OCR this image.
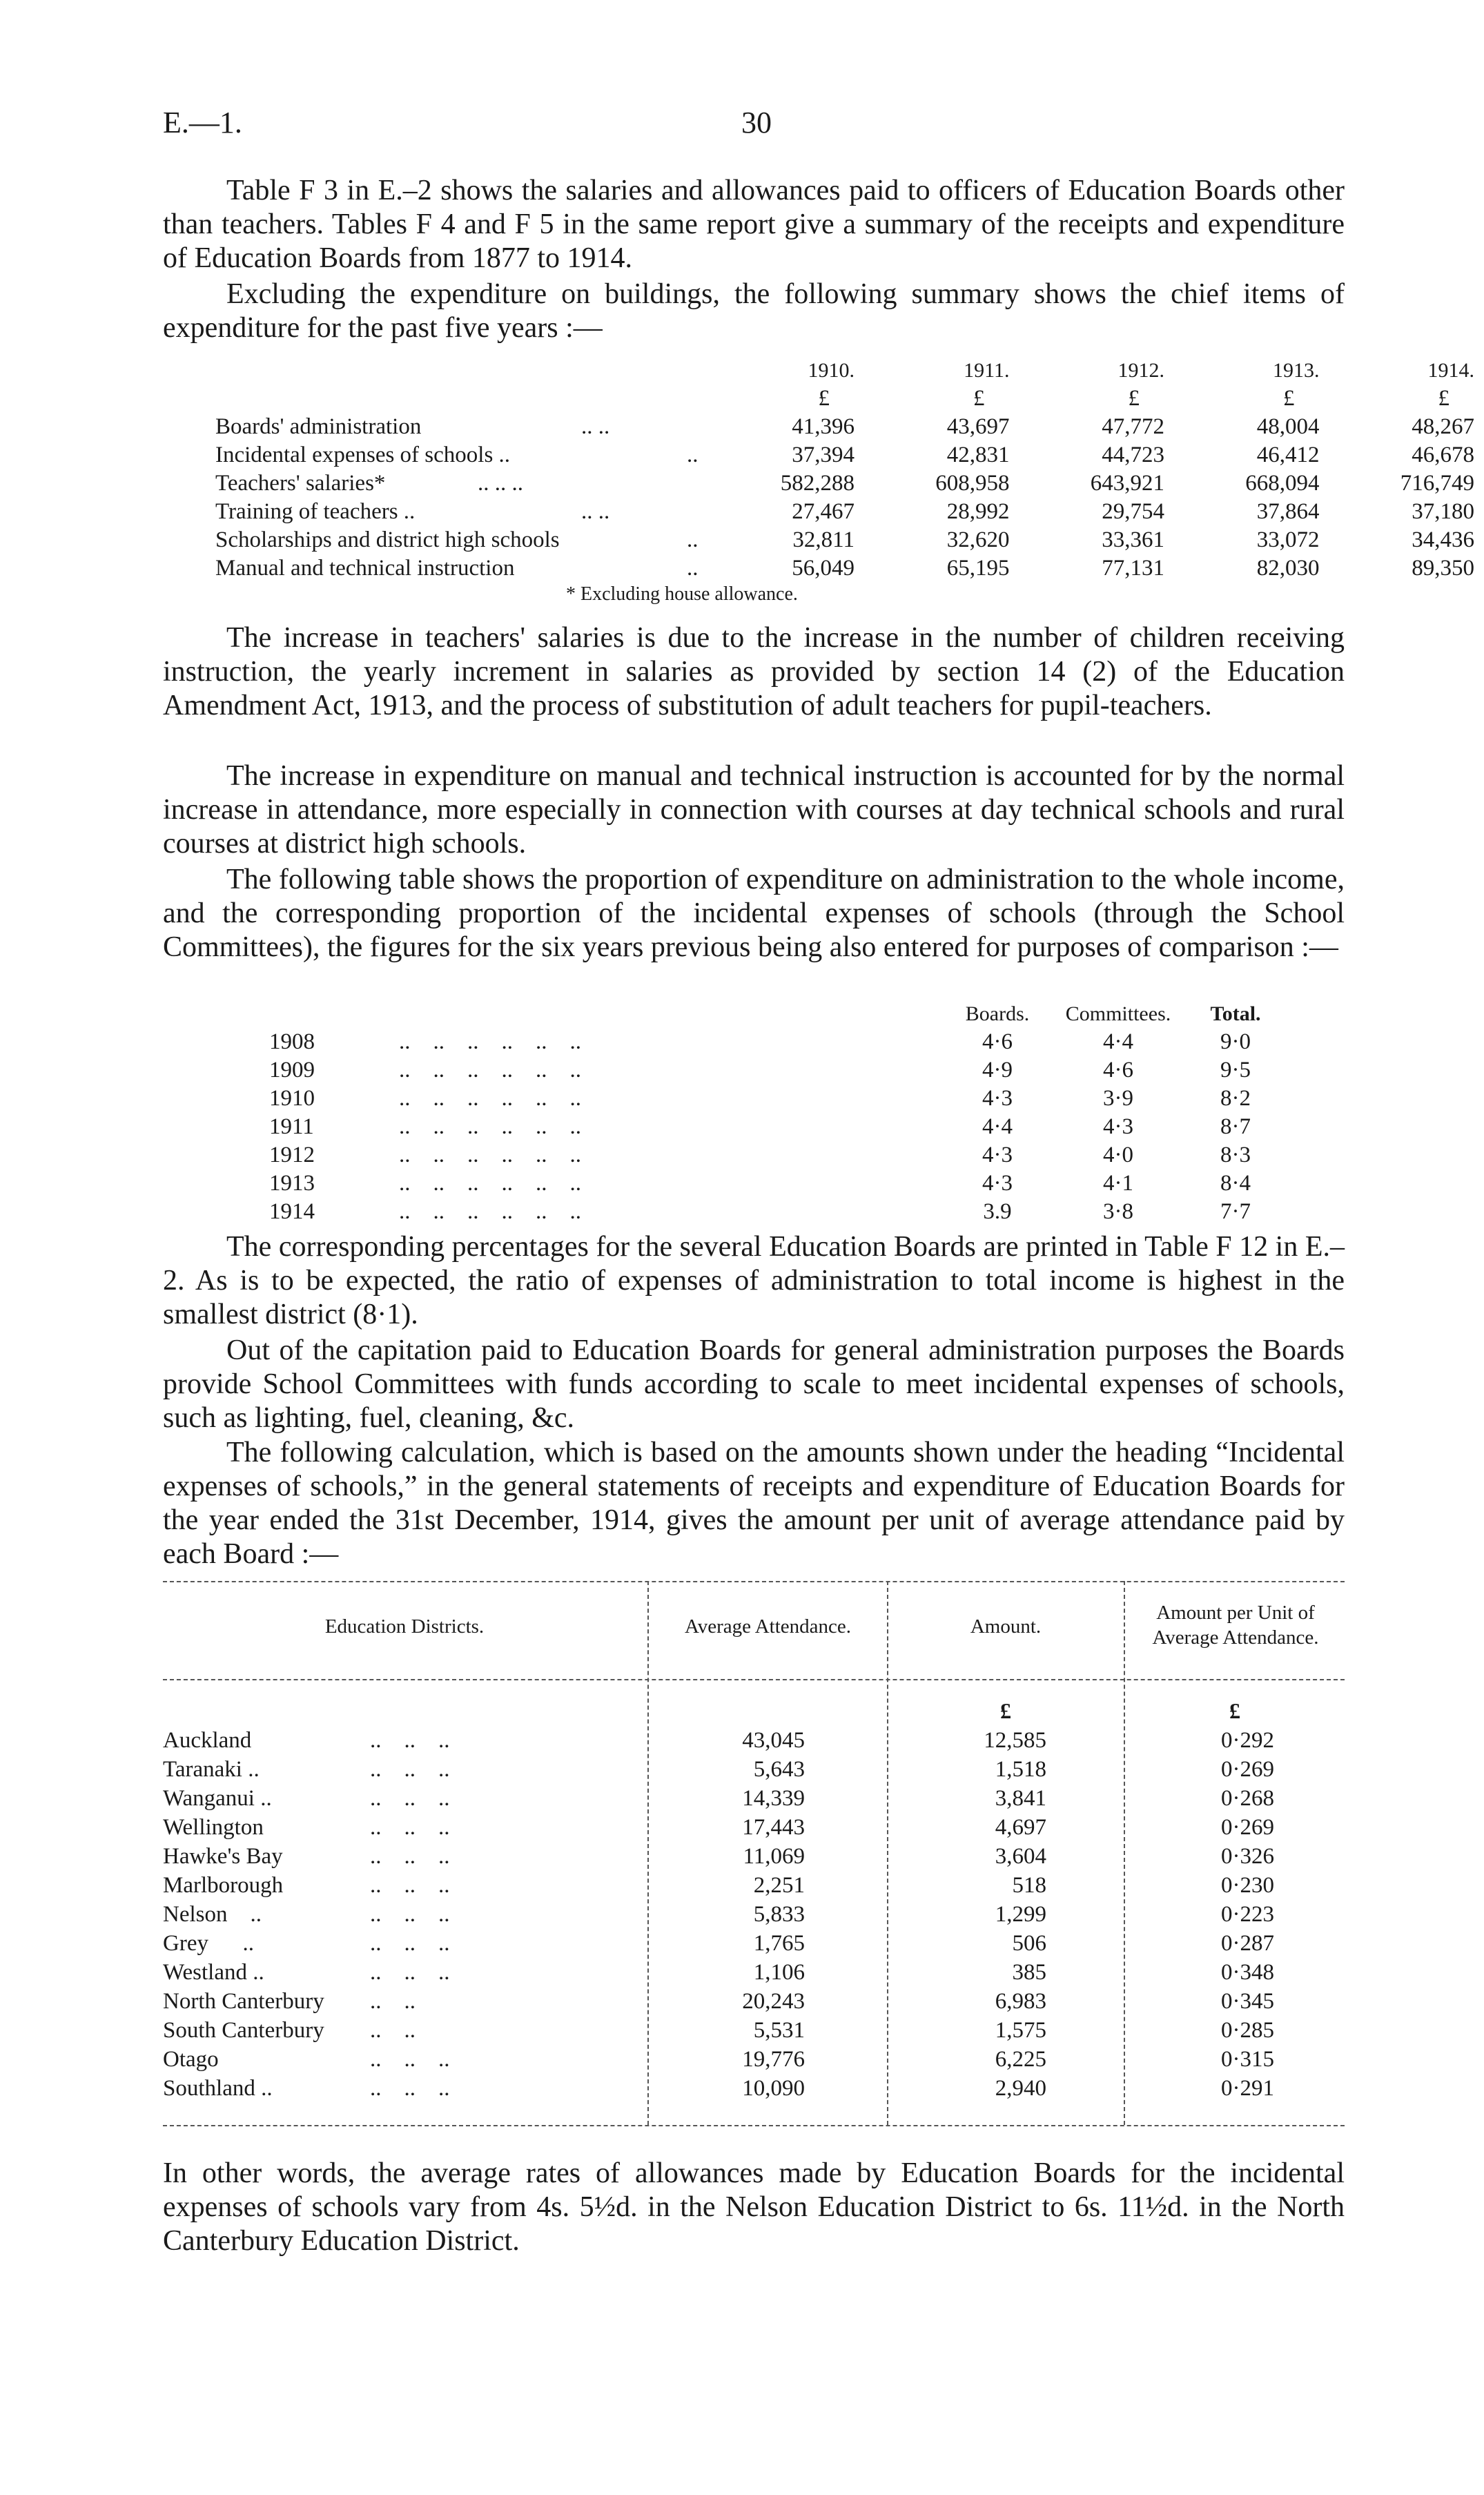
E.—1.	30
Table F 3 in E.–2 shows the salaries and allowances paid to officers of Education Boards other than teachers. Tables F 4 and F 5 in the same report give a summary of the receipts and expenditure of Education Boards from 1877 to 1914.
Excluding the expenditure on buildings, the following summary shows the chief items of expenditure for the past five years :—
	1910.	1911.	1912.	1913.	1914.
	£	£	£	£	£
Boards' administration .. ..	41,396	43,697	47,772	48,004	48,267
Incidental expenses of schools .. ..	37,394	42,831	44,723	46,412	46,678
Teachers' salaries* .. .. ..	582,288	608,958	643,921	668,094	716,749
Training of teachers .. .. ..	27,467	28,992	29,754	37,864	37,180
Scholarships and district high schools ..	32,811	32,620	33,361	33,072	34,436
Manual and technical instruction ..	56,049	65,195	77,131	82,030	89,350
* Excluding house allowance.
The increase in teachers' salaries is due to the increase in the number of children receiving instruction, the yearly increment in salaries as provided by section 14 (2) of the Education Amendment Act, 1913, and the process of substitution of adult teachers for pupil-teachers.
The increase in expenditure on manual and technical instruction is accounted for by the normal increase in attendance, more especially in connection with courses at day technical schools and rural courses at district high schools.
The following table shows the proportion of expenditure on administration to the whole income, and the corresponding proportion of the incidental expenses of schools (through the School Committees), the figures for the six years previous being also entered for purposes of comparison :—
	Boards.	Committees.	Total.
1908 ..    ..    ..    ..    ..    ..	4·6	4·4	9·0
1909 ..    ..    ..    ..    ..    ..	4·9	4·6	9·5
1910 ..    ..    ..    ..    ..    ..	4·3	3·9	8·2
1911 ..    ..    ..    ..    ..    ..	4·4	4·3	8·7
1912 ..    ..    ..    ..    ..    ..	4·3	4·0	8·3
1913 ..    ..    ..    ..    ..    ..	4·3	4·1	8·4
1914 ..    ..    ..    ..    ..    ..	3.9	3·8	7·7
The corresponding percentages for the several Education Boards are printed in Table F 12 in E.–2. As is to be expected, the ratio of expenses of administration to total income is highest in the smallest district (8·1).
Out of the capitation paid to Education Boards for general administration purposes the Boards provide School Committees with funds according to scale to meet incidental expenses of schools, such as lighting, fuel, cleaning, &c.
The following calculation, which is based on the amounts shown under the heading “Incidental expenses of schools,” in the general statements of receipts and expenditure of Education Boards for the year ended the 31st December, 1914, gives the amount per unit of average attendance paid by each Board :—
Education Districts.	Average Attendance.	Amount.
Amount per Unit of Average Attendance.
£	£
Auckland	..    ..    ..	43,045	12,585	0·292
Taranaki ..	..    ..    ..	5,643	1,518	0·269
Wanganui ..	..    ..    ..	14,339	3,841	0·268
Wellington	..    ..    ..	17,443	4,697	0·269
Hawke's Bay	..    ..    ..	11,069	3,604	0·326
Marlborough	..    ..    ..	2,251	518	0·230
Nelson    ..	..    ..    ..	5,833	1,299	0·223
Grey      ..	..    ..    ..	1,765	506	0·287
Westland ..	..    ..    ..	1,106	385	0·348
North Canterbury	..    ..	20,243	6,983	0·345
South Canterbury	..    ..	5,531	1,575	0·285
Otago	..    ..    ..	19,776	6,225	0·315
Southland ..	..    ..    ..	10,090	2,940	0·291
In other words, the average rates of allowances made by Education Boards for the incidental expenses of schools vary from 4s. 5½d. in the Nelson Education District to 6s. 11½d. in the North Canterbury Education District.
